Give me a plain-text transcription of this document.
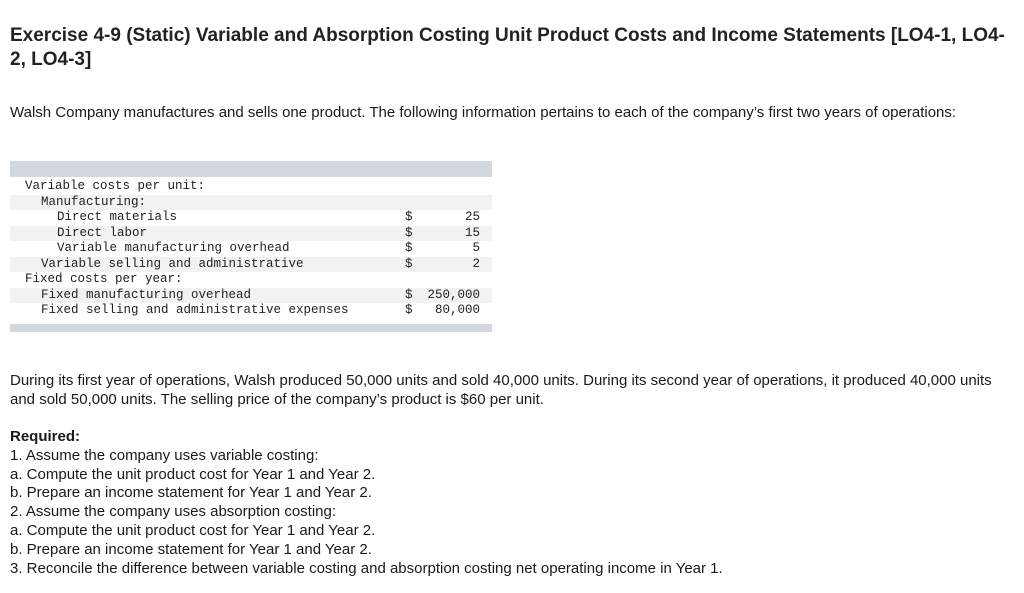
Exercise 4-9 (Static) Variable and Absorption Costing Unit Product Costs and Income Statements [LO4-1, LO4-2, LO4-3]

Walsh Company manufactures and sells one product. The following information pertains to each of the company’s first two years of operations:

Variable costs per unit:
Manufacturing:
Direct materials	$	25
Direct labor	$	15
Variable manufacturing overhead	$	5
Variable selling and administrative	$	2
Fixed costs per year:
Fixed manufacturing overhead	$ 250,000
Fixed selling and administrative expenses	$ 80,000

During its first year of operations, Walsh produced 50,000 units and sold 40,000 units. During its second year of operations, it produced 40,000 units and sold 50,000 units. The selling price of the company’s product is $60 per unit.

Required:
1. Assume the company uses variable costing:
a. Compute the unit product cost for Year 1 and Year 2.
b. Prepare an income statement for Year 1 and Year 2.
2. Assume the company uses absorption costing:
a. Compute the unit product cost for Year 1 and Year 2.
b. Prepare an income statement for Year 1 and Year 2.
3. Reconcile the difference between variable costing and absorption costing net operating income in Year 1.
